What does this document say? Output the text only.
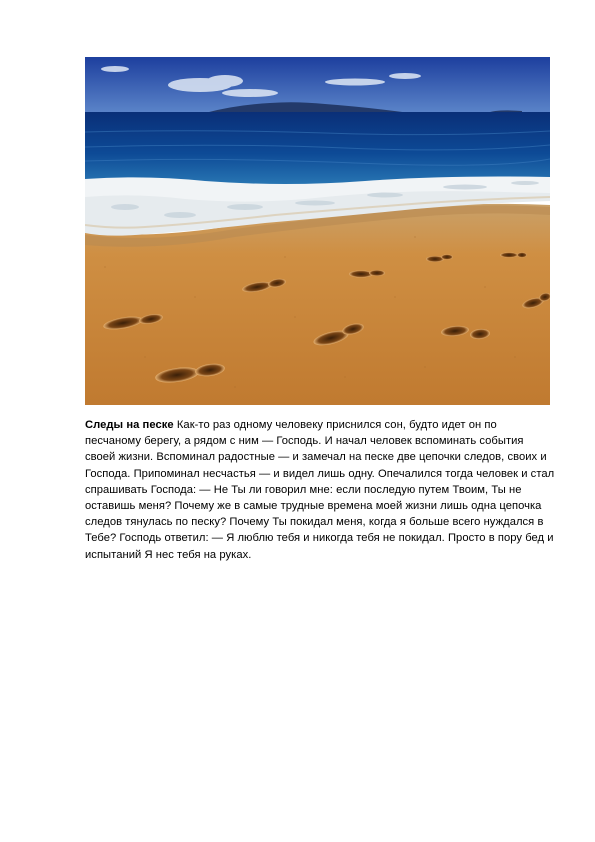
Следы на песке Как-то раз одному человеку приснился сон, будто идет он по песчаному берегу, а рядом с ним — Господь. И начал человек вспоминать события своей жизни. Вспоминал радостные — и замечал на песке две цепочки следов, своих и Господа. Припоминал несчастья — и видел лишь одну. Опечалился тогда человек и стал спрашивать Господа: — Не Ты ли говорил мне: если последую путем Твоим, Ты не оставишь меня? Почему же в самые трудные времена моей жизни лишь одна цепочка следов тянулась по песку? Почему Ты покидал меня, когда я больше всего нуждался в Тебе? Господь ответил: — Я люблю тебя и никогда тебя не покидал. Просто в пору бед и испытаний Я нес тебя на руках.
